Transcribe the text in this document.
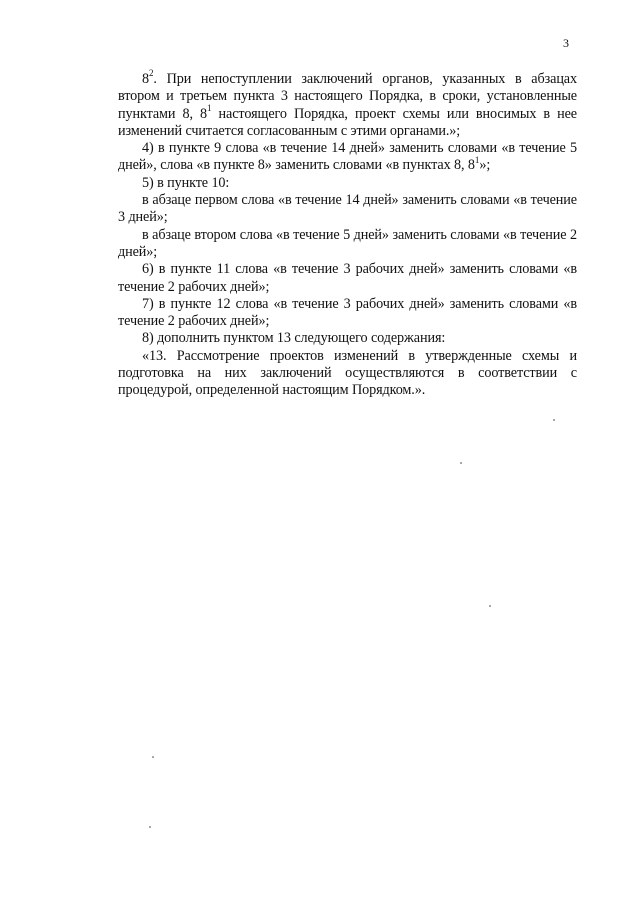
3

$8^2$. При непоступлении заключений органов, указанных в абзацах втором и третьем пункта 3 настоящего Порядка, в сроки, установленные пунктами 8, $8^1$ настоящего Порядка, проект схемы или вносимых в нее изменений считается согласованным с этими органами.»;

4) в пункте 9 слова «в течение 14 дней» заменить словами «в течение 5 дней», слова «в пункте 8» заменить словами «в пунктах 8, $8^1$»;

5) в пункте 10:

в абзаце первом слова «в течение 14 дней» заменить словами «в течение 3 дней»;

в абзаце втором слова «в течение 5 дней» заменить словами «в течение 2 дней»;

6) в пункте 11 слова «в течение 3 рабочих дней» заменить словами «в течение 2 рабочих дней»;

7) в пункте 12 слова «в течение 3 рабочих дней» заменить словами «в течение 2 рабочих дней»;

8) дополнить пунктом 13 следующего содержания:

«13. Рассмотрение проектов изменений в утвержденные схемы и подготовка на них заключений осуществляются в соответствии с процедурой, определенной настоящим Порядком.».
